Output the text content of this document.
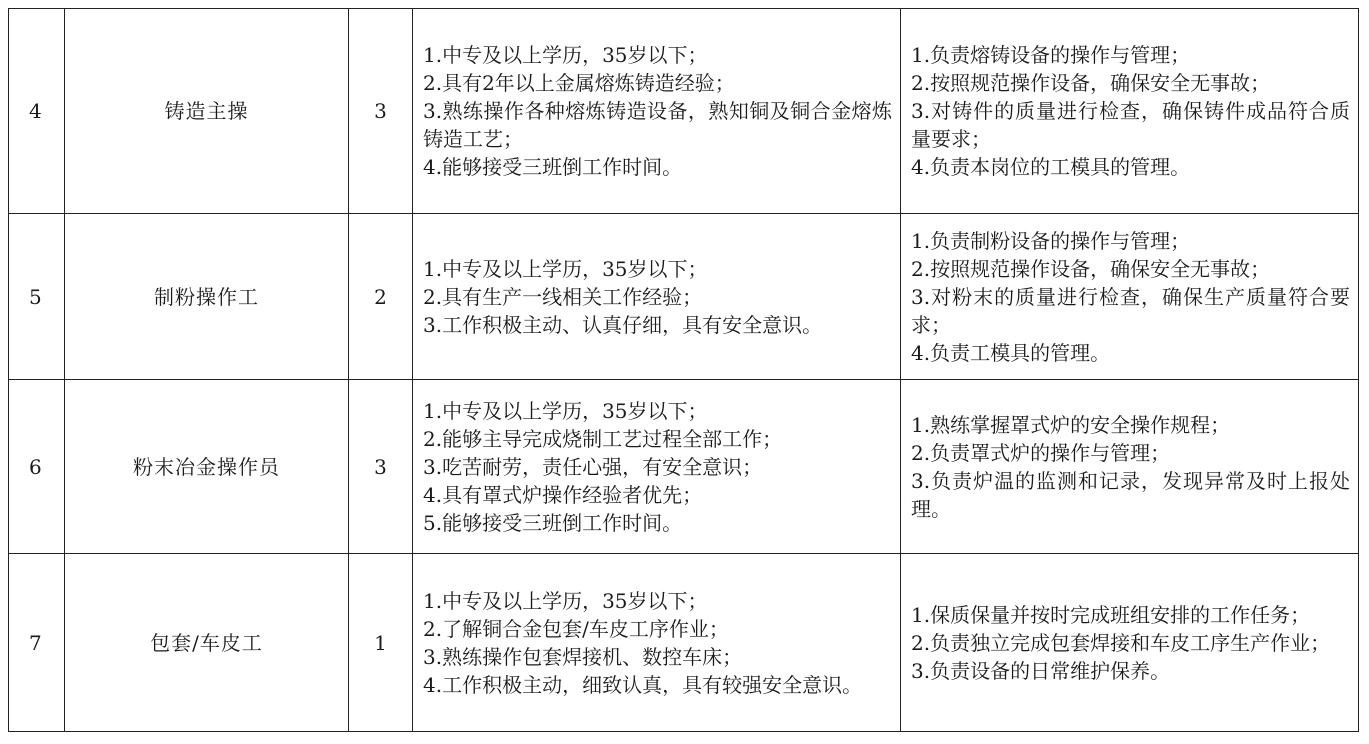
4	铸造主操	3	1.中专及以上学历，35岁以下；
2.具有2年以上金属熔炼铸造经验；
3.熟练操作各种熔炼铸造设备，熟知铜及铜合金熔炼铸造工艺；
4.能够接受三班倒工作时间。	1.负责熔铸设备的操作与管理；
2.按照规范操作设备，确保安全无事故；
3.对铸件的质量进行检查，确保铸件成品符合质量要求；
4.负责本岗位的工模具的管理。

5	制粉操作工	2	1.中专及以上学历，35岁以下；
2.具有生产一线相关工作经验；
3.工作积极主动、认真仔细，具有安全意识。	1.负责制粉设备的操作与管理；
2.按照规范操作设备，确保安全无事故；
3.对粉末的质量进行检查，确保生产质量符合要求；
4.负责工模具的管理。

6	粉末冶金操作员	3	1.中专及以上学历，35岁以下；
2.能够主导完成烧制工艺过程全部工作；
3.吃苦耐劳，责任心强，有安全意识；
4.具有罩式炉操作经验者优先；
5.能够接受三班倒工作时间。	1.熟练掌握罩式炉的安全操作规程；
2.负责罩式炉的操作与管理；
3.负责炉温的监测和记录，发现异常及时上报处理。

7	包套/车皮工	1	1.中专及以上学历，35岁以下；
2.了解铜合金包套/车皮工序作业；
3.熟练操作包套焊接机、数控车床；
4.工作积极主动，细致认真，具有较强安全意识。	1.保质保量并按时完成班组安排的工作任务；
2.负责独立完成包套焊接和车皮工序生产作业；
3.负责设备的日常维护保养。
